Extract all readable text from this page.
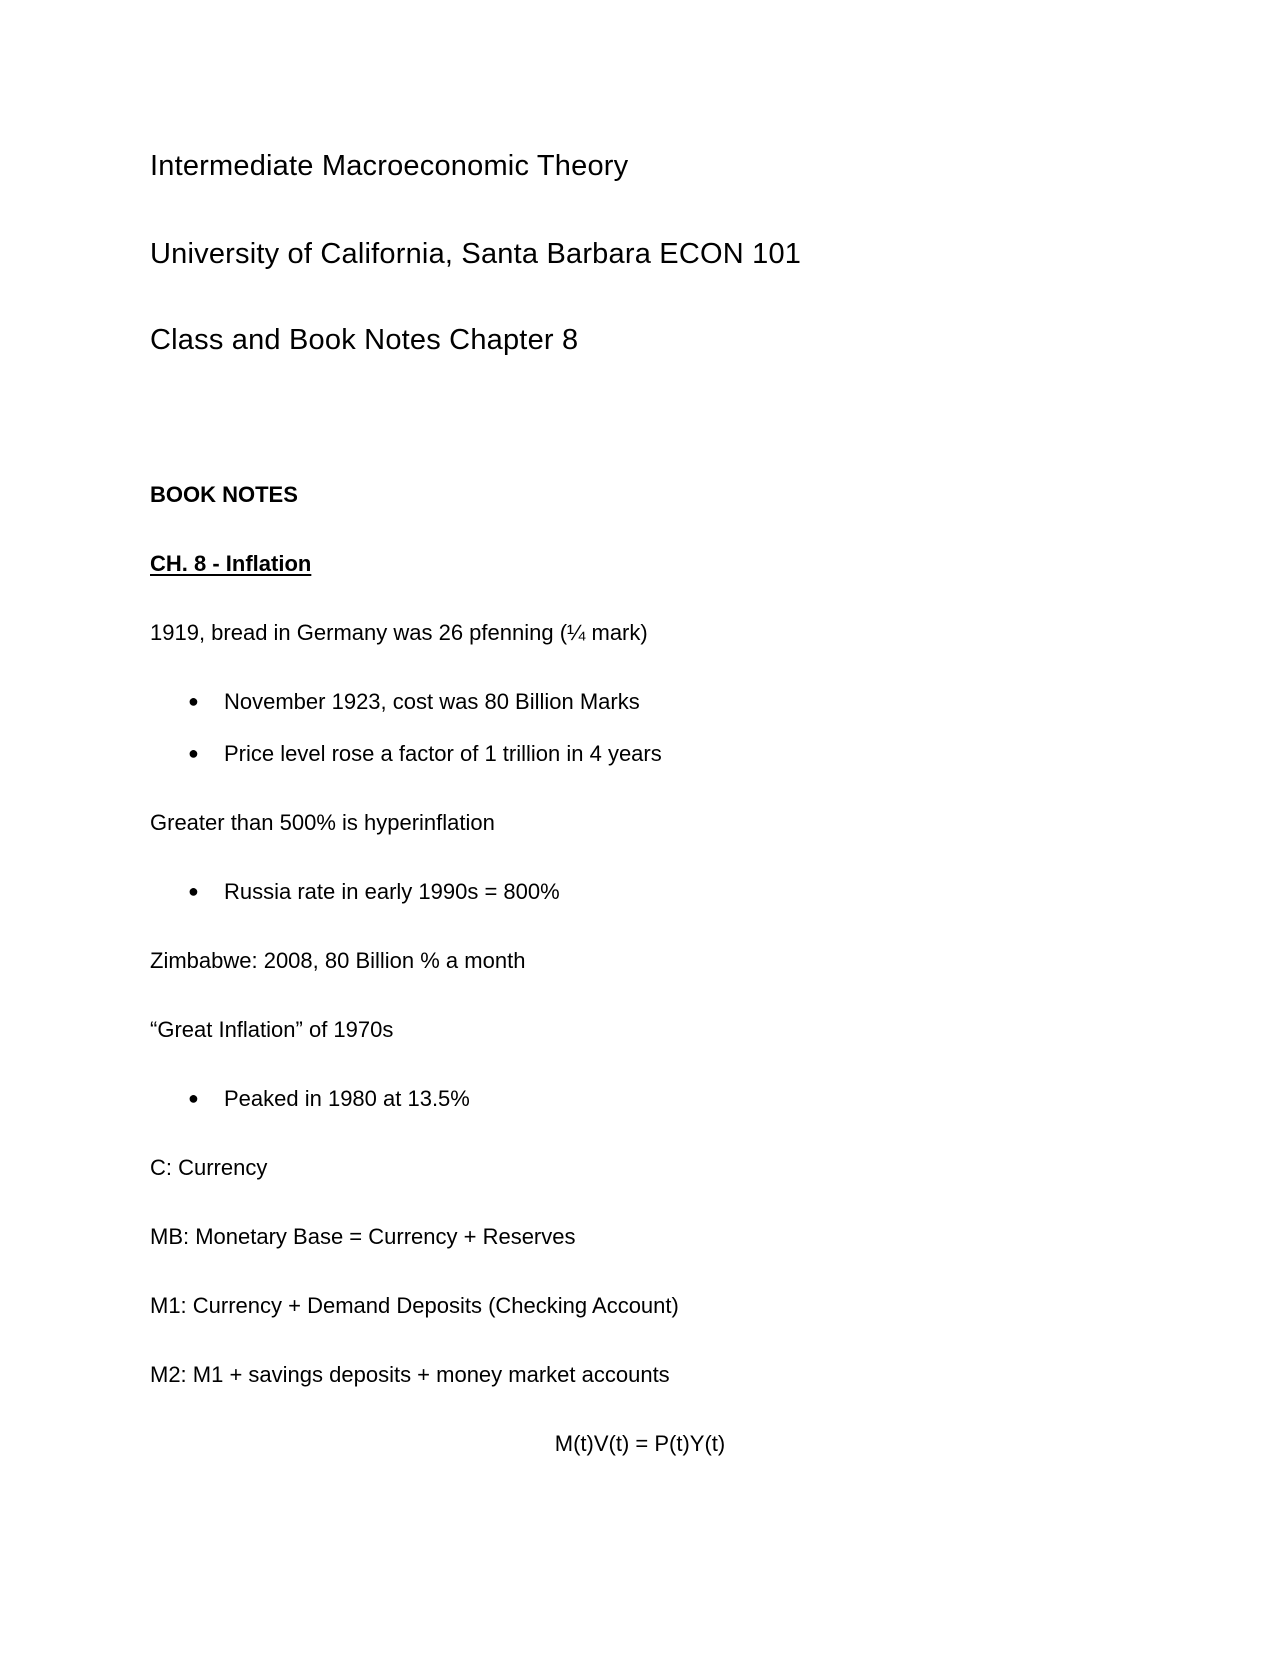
Intermediate Macroeconomic Theory
University of California, Santa Barbara ECON 101
Class and Book Notes Chapter 8
BOOK NOTES
CH. 8 - Inflation
1919, bread in Germany was 26 pfenning (¼ mark)
● November 1923, cost was 80 Billion Marks
● Price level rose a factor of 1 trillion in 4 years
Greater than 500% is hyperinflation
● Russia rate in early 1990s = 800%
Zimbabwe: 2008, 80 Billion % a month
“Great Inflation” of 1970s
● Peaked in 1980 at 13.5%
C: Currency
MB: Monetary Base = Currency + Reserves
M1: Currency + Demand Deposits (Checking Account)
M2: M1 + savings deposits + money market accounts
M(t)V(t) = P(t)Y(t)
